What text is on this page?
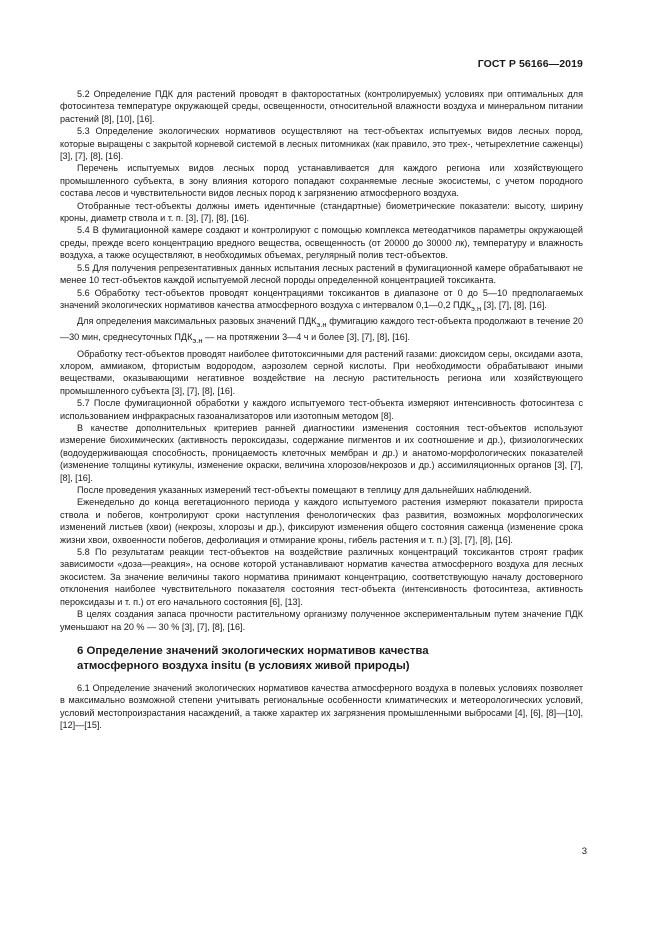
ГОСТ Р 56166—2019

5.2 Определение ПДК для растений проводят в факторостатных (контролируемых) условиях при оптимальных для фотосинтеза температуре окружающей среды, освещенности, относительной влажности воздуха и минеральном питании растений [8], [10], [16].

5.3 Определение экологических нормативов осуществляют на тест-объектах испытуемых видов лесных пород, которые выращены с закрытой корневой системой в лесных питомниках (как правило, это трех-, четырехлетние саженцы) [3], [7], [8], [16].

Перечень испытуемых видов лесных пород устанавливается для каждого региона или хозяйствующего промышленного субъекта, в зону влияния которого попадают сохраняемые лесные экосистемы, с учетом породного состава лесов и чувствительности видов лесных пород к загрязнению атмосферного воздуха.

Отобранные тест-объекты должны иметь идентичные (стандартные) биометрические показатели: высоту, ширину кроны, диаметр ствола и т. п. [3], [7], [8], [16].

5.4 В фумигационной камере создают и контролируют с помощью комплекса метеодатчиков параметры окружающей среды, прежде всего концентрацию вредного вещества, освещенность (от 20000 до 30000 лк), температуру и влажность воздуха, а также осуществляют, в необходимых объемах, регулярный полив тест-объектов.

5.5 Для получения репрезентативных данных испытания лесных растений в фумигационной камере обрабатывают не менее 10 тест-объектов каждой испытуемой лесной породы определенной концентрацией токсиканта.

5.6 Обработку тест-объектов проводят концентрациями токсикантов в диапазоне от 0 до 5—10 предполагаемых значений экологических нормативов качества атмосферного воздуха с интервалом 0,1—0,2 $ПДК_{э.н}$ [3], [7], [8], [16].

Для определения максимальных разовых значений $ПДК_{э.н}$ фумигацию каждого тест-объекта продолжают в течение 20—30 мин, среднесуточных $ПДК_{э.н}$ — на протяжении 3—4 ч и более [3], [7], [8], [16].

Обработку тест-объектов проводят наиболее фитотоксичными для растений газами: диоксидом серы, оксидами азота, хлором, аммиаком, фтористым водородом, аэрозолем серной кислоты. При необходимости обрабатывают иными веществами, оказывающими негативное воздействие на лесную растительность региона или хозяйствующего промышленного субъекта [3], [7], [8], [16].

5.7 После фумигационной обработки у каждого испытуемого тест-объекта измеряют интенсивность фотосинтеза с использованием инфракрасных газоанализаторов или изотопным методом [8].

В качестве дополнительных критериев ранней диагностики изменения состояния тест-объектов используют измерение биохимических (активность пероксидазы, содержание пигментов и их соотношение и др.), физиологических (водоудерживающая способность, проницаемость клеточных мембран и др.) и анатомо-морфологических показателей (изменение толщины кутикулы, изменение окраски, величина хлорозов/некрозов и др.) ассимиляционных органов [3], [7], [8], [16].

После проведения указанных измерений тест-объекты помещают в теплицу для дальнейших наблюдений.

Еженедельно до конца вегетационного периода у каждого испытуемого растения измеряют показатели прироста ствола и побегов, контролируют сроки наступления фенологических фаз развития, возможных морфологических изменений листьев (хвои) (некрозы, хлорозы и др.), фиксируют изменения общего состояния саженца (изменение срока жизни хвои, охвоенности побегов, дефолиация и отмирание кроны, гибель растения и т. п.) [3], [7], [8], [16].

5.8 По результатам реакции тест-объектов на воздействие различных концентраций токсикантов строят график зависимости «доза—реакция», на основе которой устанавливают норматив качества атмосферного воздуха для лесных экосистем. За значение величины такого норматива принимают концентрацию, соответствующую началу достоверного отклонения наиболее чувствительного показателя состояния тест-объекта (интенсивность фотосинтеза, активность пероксидазы и т. п.) от его начального состояния [6], [13].

В целях создания запаса прочности растительному организму полученное экспериментальным путем значение ПДК уменьшают на 20 % — 30 % [3], [7], [8], [16].

6 Определение значений экологических нормативов качества
атмосферного воздуха insitu (в условиях живой природы)

6.1 Определение значений экологических нормативов качества атмосферного воздуха в полевых условиях позволяет в максимально возможной степени учитывать региональные особенности климатических и метеорологических условий, условий местопроизрастания насаждений, а также характер их загрязнения промышленными выбросами [4], [6], [8]—[10], [12]—[15].

3
